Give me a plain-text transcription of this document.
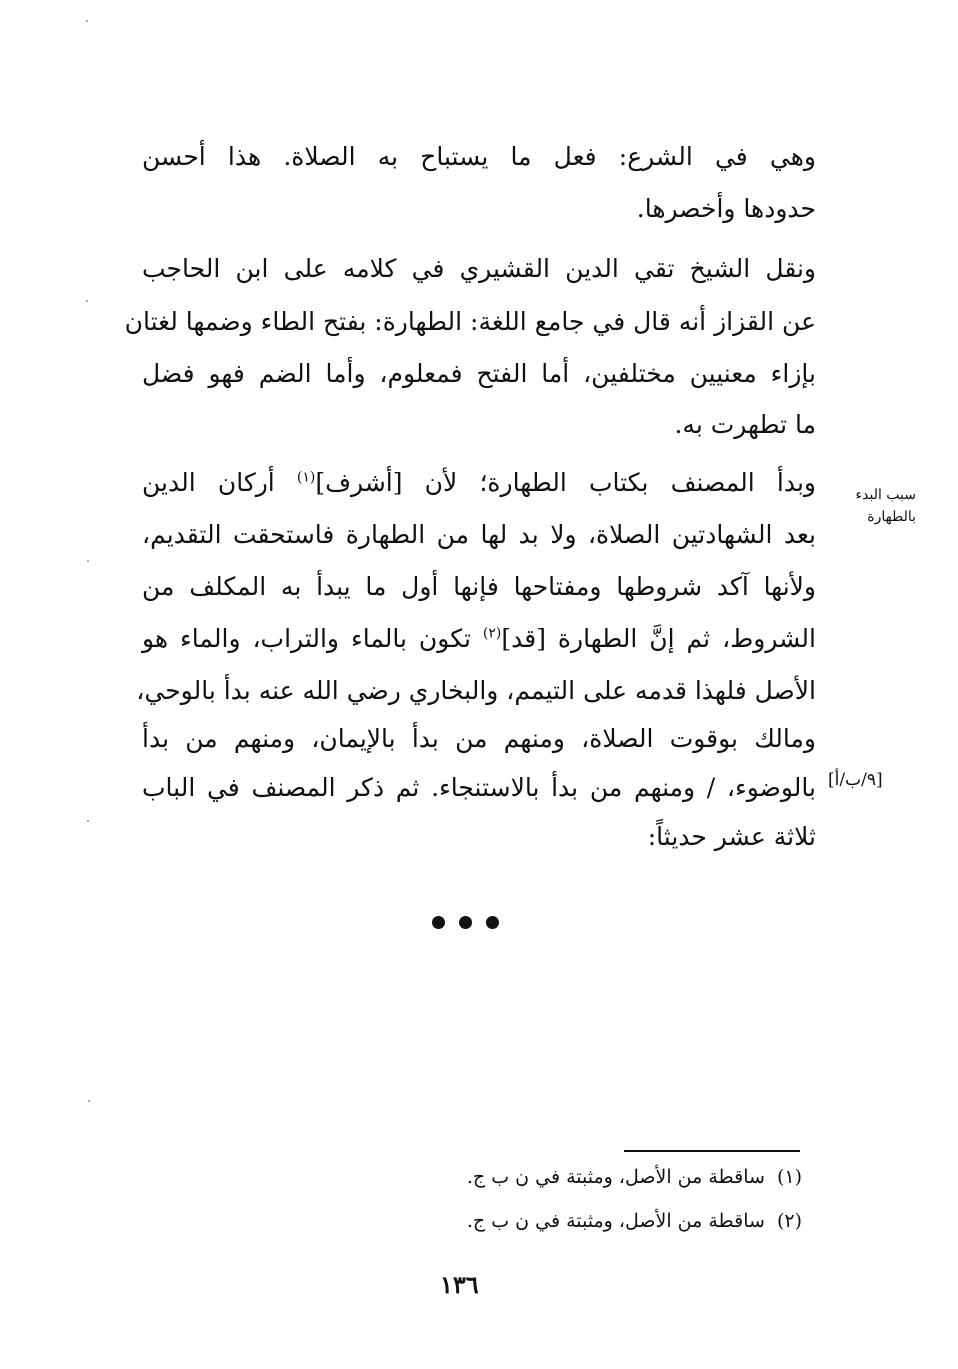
وهي في الشرع: فعل ما يستباح به الصلاة. هذا أحسن
حدودها وأخصرها.
ونقل الشيخ تقي الدين القشيري في كلامه على ابن الحاجب
عن القزاز أنه قال في جامع اللغة: الطهارة: بفتح الطاء وضمها لغتان
بإزاء معنيين مختلفين، أما الفتح فمعلوم، وأما الضم فهو فضل
ما تطهرت به.
وبدأ المصنف بكتاب الطهارة؛ لأن [أشرف]$^{(١)}$ أركان الدين
بعد الشهادتين الصلاة، ولا بد لها من الطهارة فاستحقت التقديم،
ولأنها آكد شروطها ومفتاحها فإنها أول ما يبدأ به المكلف من
الشروط، ثم إنَّ الطهارة [قد]$^{(٢)}$ تكون بالماء والتراب، والماء هو
الأصل فلهذا قدمه على التيمم، والبخاري رضي الله عنه بدأ بالوحي،
ومالك بوقوت الصلاة، ومنهم من بدأ بالإيمان، ومنهم من بدأ
بالوضوء، / ومنهم من بدأ بالاستنجاء. ثم ذكر المصنف في الباب
ثلاثة عشر حديثاً:
سبب البدء
بالطهارة
[٩/ب/أ]
(١)ساقطة من الأصل، ومثبتة في ن ب ج.
(٢)ساقطة من الأصل، ومثبتة في ن ب ج.
١٣٦
